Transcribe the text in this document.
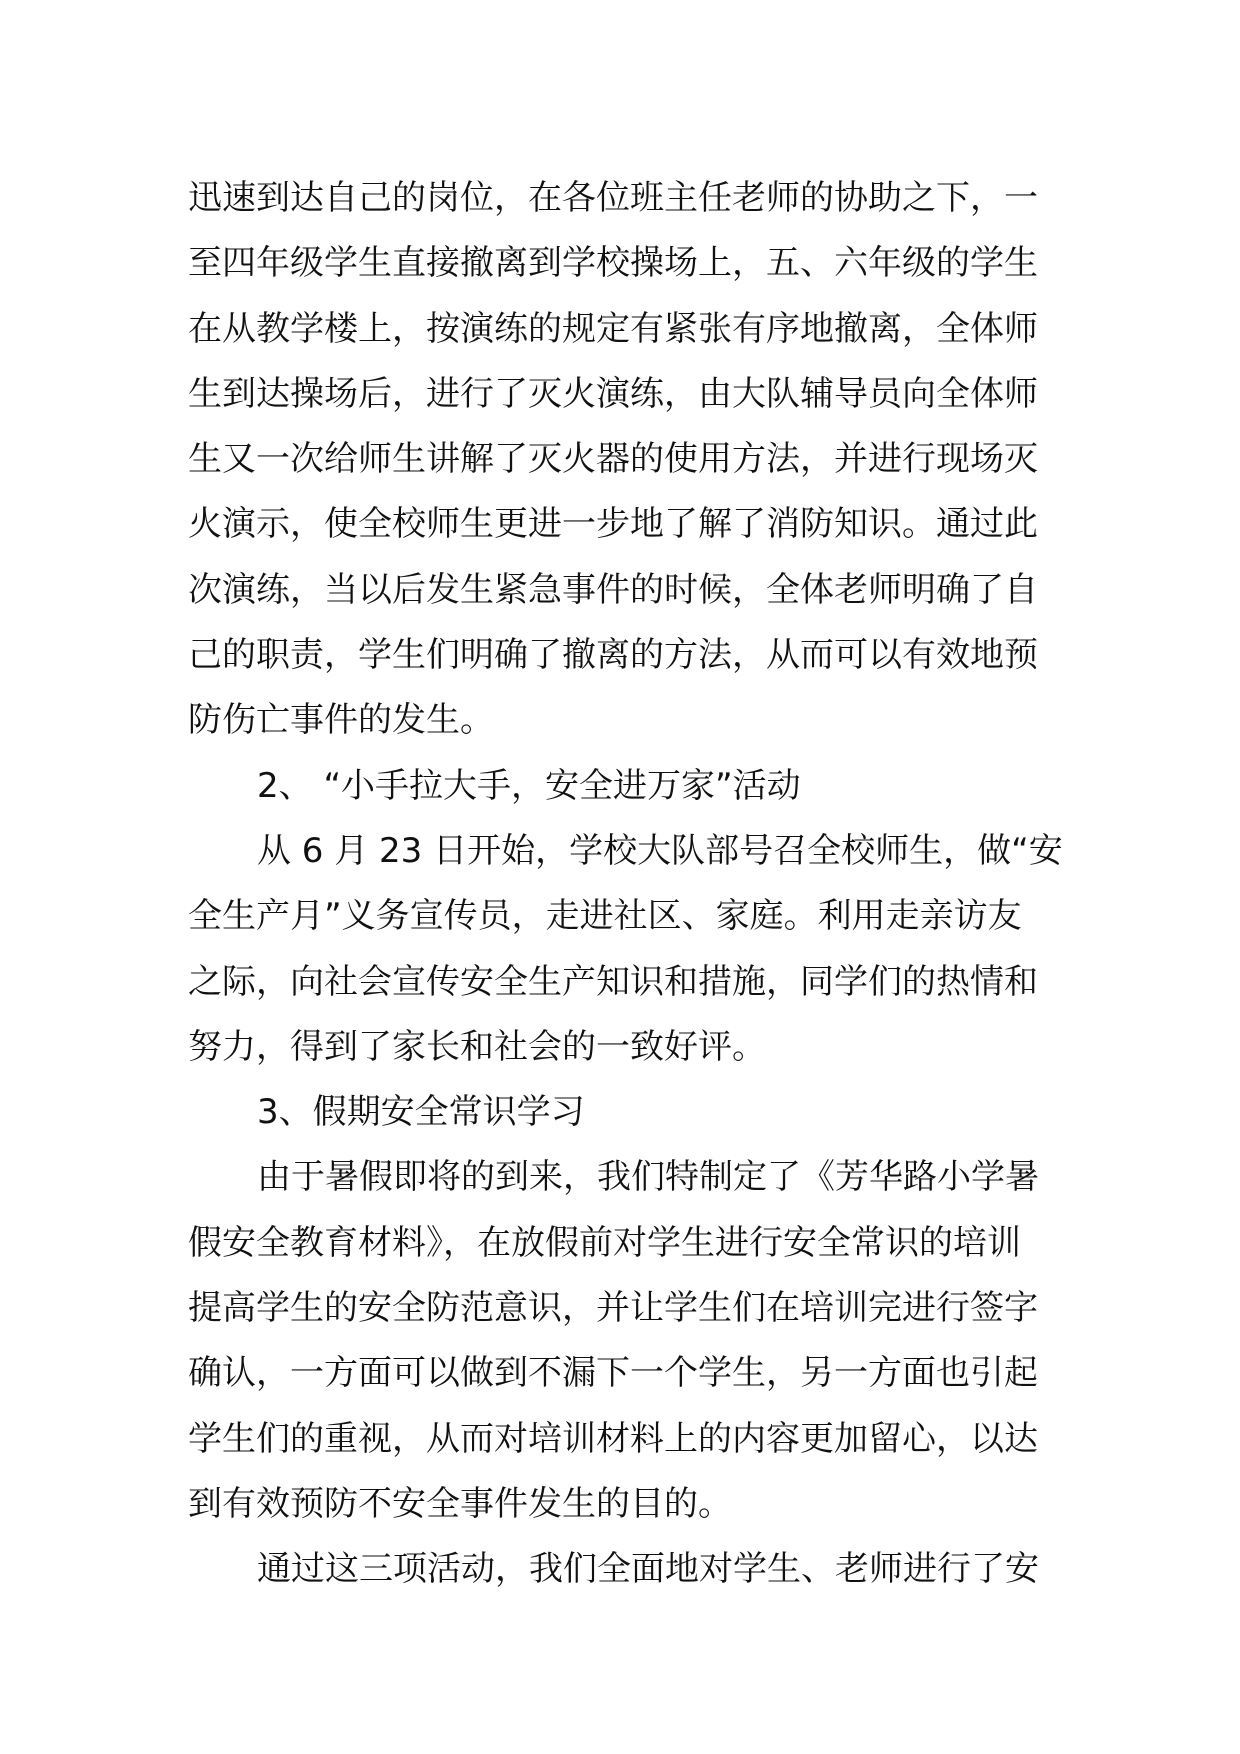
迅速到达自己的岗位，在各位班主任老师的协助之下，一
至四年级学生直接撤离到学校操场上，五、六年级的学生
在从教学楼上，按演练的规定有紧张有序地撤离，全体师
生到达操场后，进行了灭火演练，由大队辅导员向全体师
生又一次给师生讲解了灭火器的使用方法，并进行现场灭
火演示，使全校师生更进一步地了解了消防知识。通过此
次演练，当以后发生紧急事件的时候，全体老师明确了自
己的职责，学生们明确了撤离的方法，从而可以有效地预
防伤亡事件的发生。
2、 “小手拉大手，安全进万家”活动
从 6 月 23 日开始，学校大队部号召全校师生，做“安
全生产月”义务宣传员，走进社区、家庭。利用走亲访友
之际，向社会宣传安全生产知识和措施，同学们的热情和
努力，得到了家长和社会的一致好评。
3、假期安全常识学习
由于暑假即将的到来，我们特制定了《芳华路小学暑
假安全教育材料》，在放假前对学生进行安全常识的培训
提高学生的安全防范意识，并让学生们在培训完进行签字
确认，一方面可以做到不漏下一个学生，另一方面也引起
学生们的重视，从而对培训材料上的内容更加留心，以达
到有效预防不安全事件发生的目的。
通过这三项活动，我们全面地对学生、老师进行了安
